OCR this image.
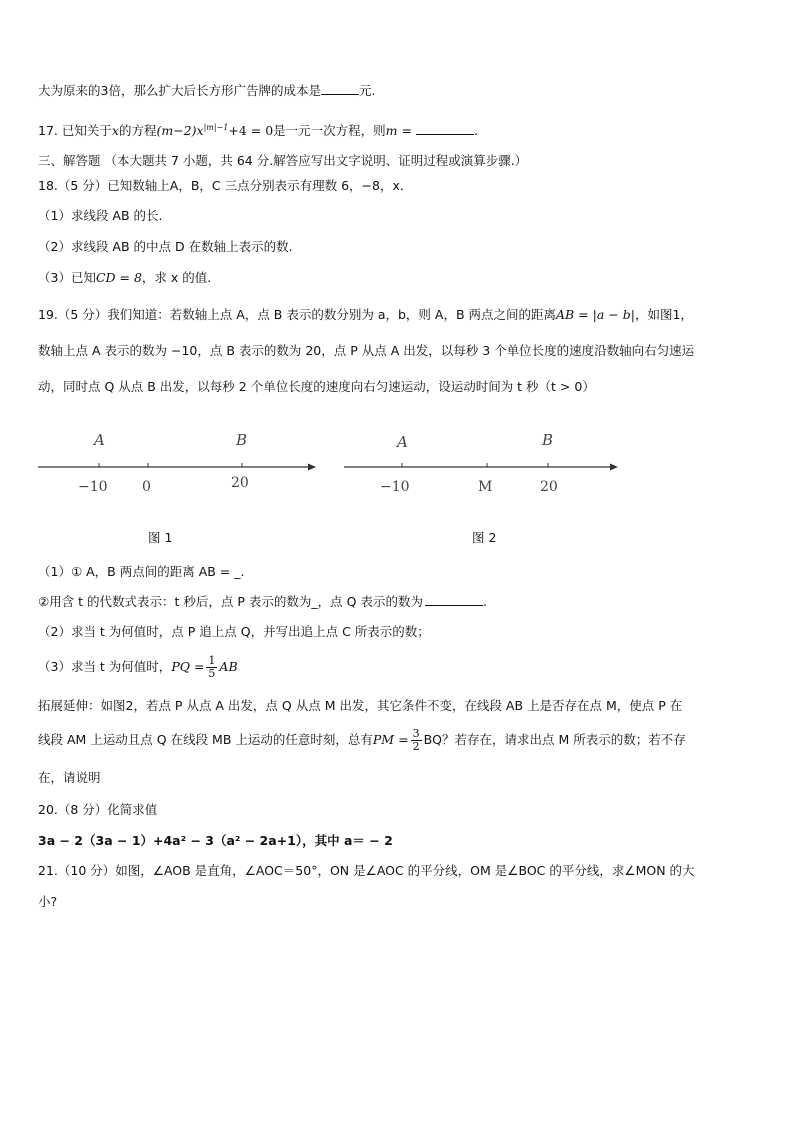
大为原来的3倍，那么扩大后长方形广告牌的成本是	元.
17. 已知关于x的方程$(m-2)x^{|m|-1}+4 = 0$是一元一次方程，则m =	.
三、解答题 （本大题共 7 小题，共 64 分.解答应写出文字说明、证明过程或演算步骤.）
18.（5 分）已知数轴上A，B，C 三点分别表示有理数 6，−8，x．
（1）求线段 AB 的长.
（2）求线段 AB 的中点 D 在数轴上表示的数.
（3）已知CD = 8，求 x 的值.
19.（5 分）我们知道：若数轴上点 A，点 B 表示的数分别为 a，b，则 A，B 两点之间的距离AB = |a − b|，如图1，
数轴上点 A 表示的数为 −10，点 B 表示的数为 20，点 P 从点 A 出发，以每秒 3 个单位长度的速度沿数轴向右匀速运
动，同时点 Q 从点 B 出发，以每秒 2 个单位长度的速度向右匀速运动，设运动时间为 t 秒（t > 0）
A	B
−10 0	20
图 1
A	B
−10	M	20
图 2
（1）① A，B 两点间的距离 AB = _.
②用含 t 的代数式表示：t 秒后，点 P 表示的数为_，点 Q 表示的数为	.
（2）求当 t 为何值时，点 P 追上点 Q，并写出追上点 C 所表示的数；
（3）求当 t 为何值时，PQ = $\frac{1}{5}$ AB
拓展延伸：如图2，若点 P 从点 A 出发，点 Q 从点 M 出发，其它条件不变，在线段 AB 上是否存在点 M，使点 P 在
线段 AM 上运动且点 Q 在线段 MB 上运动的任意时刻，总有PM = $\frac{3}{2}$ BQ？若存在，请求出点 M 所表示的数；若不存
在，请说明
20.（8 分）化简求值
3a − 2（3a − 1）+4a² − 3（a² − 2a+1），其中 a＝ − 2
21.（10 分）如图，∠AOB 是直角，∠AOC＝50°，ON 是∠AOC 的平分线，OM 是∠BOC 的平分线，求∠MON 的大
小?
